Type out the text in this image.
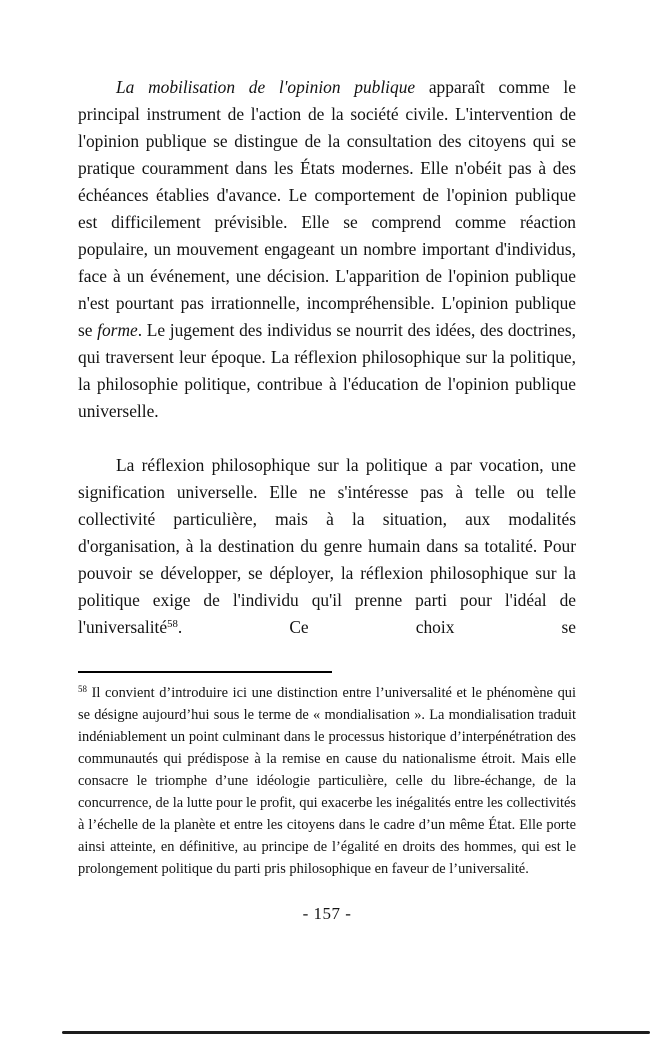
La mobilisation de l'opinion publique apparaît comme le principal instrument de l'action de la société civile. L'intervention de l'opinion publique se distingue de la consultation des citoyens qui se pratique couramment dans les États modernes. Elle n'obéit pas à des échéances établies d'avance. Le comportement de l'opinion publique est difficilement prévisible. Elle se comprend comme réaction populaire, un mouvement engageant un nombre important d'individus, face à un événement, une décision. L'apparition de l'opinion publique n'est pourtant pas irrationnelle, incompréhensible. L'opinion publique se forme. Le jugement des individus se nourrit des idées, des doctrines, qui traversent leur époque. La réflexion philosophique sur la politique, la philosophie politique, contribue à l'éducation de l'opinion publique universelle.

La réflexion philosophique sur la politique a par vocation, une signification universelle. Elle ne s'intéresse pas à telle ou telle collectivité particulière, mais à la situation, aux modalités d'organisation, à la destination du genre humain dans sa totalité. Pour pouvoir se développer, se déployer, la réflexion philosophique sur la politique exige de l'individu qu'il prenne parti pour l'idéal de l'universalité$^{58}$. Ce choix se

$^{58}$ Il convient d’introduire ici une distinction entre l’universalité et le phénomène qui se désigne aujourd’hui sous le terme de « mondialisation ». La mondialisation traduit indéniablement un point culminant dans le processus historique d’interpénétration des communautés qui prédispose à la remise en cause du nationalisme étroit. Mais elle consacre le triomphe d’une idéologie particulière, celle du libre-échange, de la concurrence, de la lutte pour le profit, qui exacerbe les inégalités entre les collectivités à l’échelle de la planète et entre les citoyens dans le cadre d’un même État. Elle porte ainsi atteinte, en définitive, au principe de l’égalité en droits des hommes, qui est le prolongement politique du parti pris philosophique en faveur de l’universalité.

- 157 -
